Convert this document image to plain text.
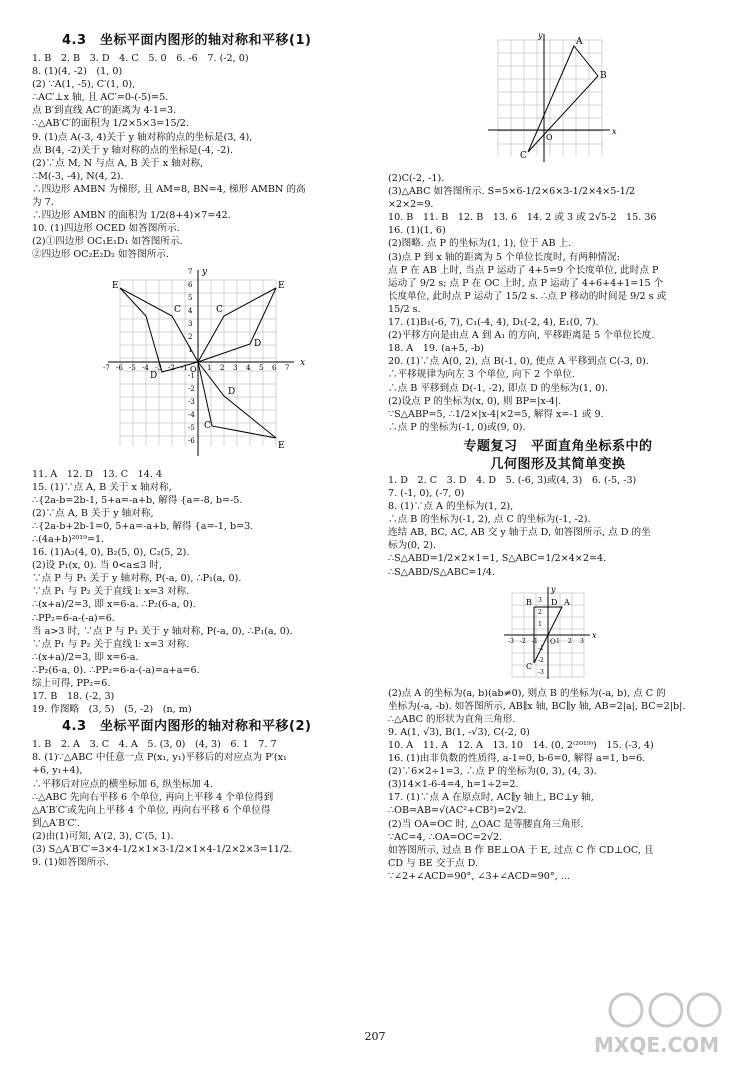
4.3　坐标平面内图形的轴对称和平移(1)
1. B　2. B　3. D　4. C　5. 0　6. -6　7. (-2, 0)
8. (1)(4, -2)　(1, 0)
(2) ∵A(1, -5), C′(1, 0),
∴AC′⊥x 轴, 且 AC′=0-(-5)=5.
点 B′到直线 AC′的距离为 4-1=3.
∴△AB′C′的面积为 1/2×5×3=15/2.
9. (1)点 A(-3, 4)关于 y 轴对称的点的坐标是(3, 4),
点 B(4, -2)关于 y 轴对称的点的坐标是(-4, -2).
(2)∵点 M, N 与点 A, B 关于 x 轴对称,
∴M(-3, -4), N(4, 2).
∴四边形 AMBN 为梯形, 且 AM=8, BN=4, 梯形 AMBN 的高
为 7.
∴四边形 AMBN 的面积为 1/2(8+4)×7=42.
10. (1)四边形 OCED 如答图所示.
(2)①四边形 OC₁E₁D₁ 如答图所示.
②四边形 OC₂E₂D₂ 如答图所示.
E
C
D
C
E
D
D
C
E
x
y
O
-7 -6 -5 -4 -3 -2 -1	1 2 3 4 5 6 7
7
6
5
4
3
2
1
-1
-2
-3
-4
-5
-6
11. A　12. D　13. C　14. 4
15. (1)∵点 A, B 关于 x 轴对称,
∴{2a-b=2b-1, 5+a=-a+b, 解得 {a=-8, b=-5.
(2)∵点 A, B 关于 y 轴对称,
∴{2a-b+2b-1=0, 5+a=-a+b, 解得 {a=-1, b=3.
∴(4a+b)²⁰¹⁹=1.
16. (1)A₂(4, 0), B₂(5, 0), C₂(5, 2).
(2)设 P₁(x, 0). 当 0<a≤3 时,
∵点 P 与 P₁ 关于 y 轴对称, P(-a, 0), ∴P₁(a, 0).
∵点 P₁ 与 P₂ 关于直线 l: x=3 对称.
∴(x+a)/2=3, 即 x=6-a. ∴P₂(6-a, 0).
∴PP₂=6-a-(-a)=6.
当 a>3 时, ∵点 P 与 P₁ 关于 y 轴对称, P(-a, 0), ∴P₁(a, 0).
∵点 P₁ 与 P₂ 关于直线 l: x=3 对称.
∴(x+a)/2=3, 即 x=6-a.
∴P₂(6-a, 0). ∴PP₂=6-a-(-a)=a+a=6.
综上可得, PP₂=6.
17. B　18. (-2, 3)
19. 作图略　(3, 5)　(5, -2)　(n, m)
4.3　坐标平面内图形的轴对称和平移(2)
1. B　2. A　3. C　4. A　5. (3, 0)　(4, 3)　6. 1　7. 7
8. (1)∵△ABC 中任意一点 P(x₁, y₁)平移后的对应点为 P′(x₁
+6, y₁+4),
∴平移后对应点的横坐标加 6, 纵坐标加 4.
∴△ABC 先向右平移 6 个单位, 再向上平移 4 个单位得到
△A′B′C′或先向上平移 4 个单位, 再向右平移 6 个单位得
到△A′B′C′.
(2)由(1)可知, A′(2, 3), C′(5, 1).
(3) S△A′B′C′=3×4-1/2×1×3-1/2×1×4-1/2×2×3=11/2.
9. (1)如答图所示.
A
B
C
O
x
y
(2)C(-2, -1).
(3)△ABC 如答图所示. S=5×6-1/2×6×3-1/2×4×5-1/2
×2×2=9.
10. B　11. B　12. B　13. 6　14. 2 或 3 或 2√5-2　15. 36
16. (1)(1, 6)
(2)图略. 点 P 的坐标为(1, 1), 位于 AB 上.
(3)点 P 到 x 轴的距离为 5 个单位长度时, 有两种情况:
点 P 在 AB 上时, 当点 P 运动了 4+5=9 个长度单位, 此时点 P
运动了 9/2 s; 点 P 在 OC 上时, 点 P 运动了 4+6+4+1=15 个
长度单位, 此时点 P 运动了 15/2 s. ∴点 P 移动的时间是 9/2 s 或
15/2 s.
17. (1)B₁(-6, 7), C₁(-4, 4), D₁(-2, 4), E₁(0, 7).
(2)平移方向是由点 A 到 A₁ 的方向, 平移距离是 5 个单位长度.
18. A　19. (a+5, -b)
20. (1)∵点 A(0, 2), 点 B(-1, 0), 使点 A 平移到点 C(-3, 0).
∴平移规律为向左 3 个单位, 向下 2 个单位.
∴点 B 平移到点 D(-1, -2), 即点 D 的坐标为(1, 0).
(2)设点 P 的坐标为(x, 0), 则 BP=|x-4|.
∵S△ABP=5, ∴1/2×|x-4|×2=5, 解得 x=-1 或 9.
∴点 P 的坐标为(-1, 0)或(9, 0).
专题复习　平面直角坐标系中的
几何图形及其简单变换
1. D　2. C　3. D　4. D　5. (-6, 3)或(4, 3)　6. (-5, -3)
7. (-1, 0), (-7, 0)
8. (1)∵点 A 的坐标为(1, 2),
∴点 B 的坐标为(-1, 2), 点 C 的坐标为(-1, -2).
连结 AB, BC, AC, AB 交 y 轴于点 D, 如答图所示, 点 D 的坐
标为(0, 2).
∴S△ABD=1/2×2×1=1, S△ABC=1/2×4×2=4.
∴S△ABD/S△ABC=1/4.
A
B
C
D
O
x
y
-3 -2 -1	1 2 3
3
2
1
-1
-2
-3
(2)点 A 的坐标为(a, b)(ab≠0), 则点 B 的坐标为(-a, b), 点 C 的
坐标为(-a, -b). 如答图所示, AB∥x 轴, BC∥y 轴, AB=2|a|, BC=2|b|.
∴△ABC 的形状为直角三角形.
9. A(1, √3), B(1, -√3), C(-2, 0)
10. A　11. A　12. A　13. 10　14. (0, 2⁽²⁰¹⁹⁾)　15. (-3, 4)
16. (1)由非负数的性质得, a-1=0, b-6=0, 解得 a=1, b=6.
(2)∵6×2÷1=3, ∴点 P 的坐标为(0, 3), (4, 3).
(3)14×1-6-4=4, h=1÷2=2.
17. (1)∵点 A 在原点时, AC∥y 轴上, BC⊥y 轴,
∴OB=AB=√(AC²+CB²)=2√2.
(2)当 OA=OC 时, △OAC 是等腰直角三角形.
∵AC=4, ∴OA=OC=2√2.
如答图所示, 过点 B 作 BE⊥OA 于 E, 过点 C 作 CD⊥OC, 且
CD 与 BE 交于点 D.
∵∠2+∠ACD=90°, ∠3+∠ACD=90°, ...
207	MXQE.COM
